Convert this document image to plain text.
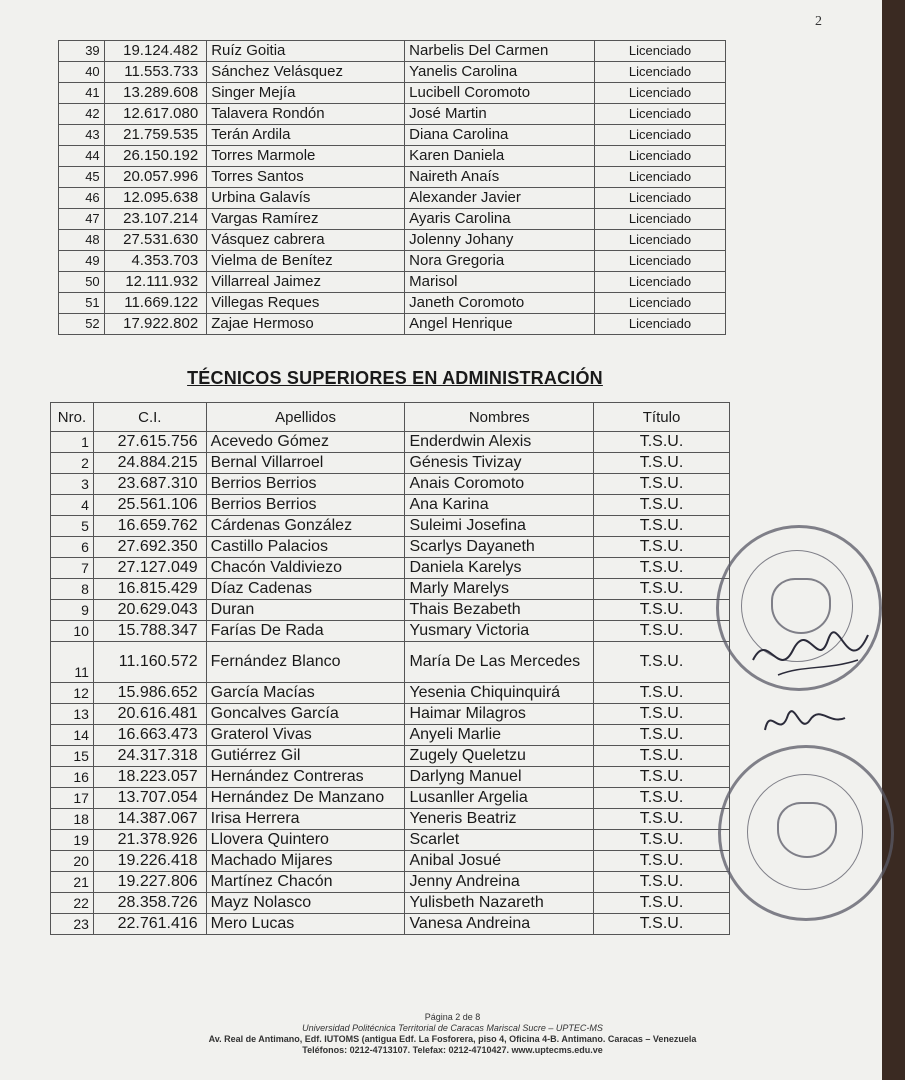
2
39	19.124.482	Ruíz Goitia	Narbelis Del Carmen	Licenciado
40	11.553.733	Sánchez Velásquez	Yanelis Carolina	Licenciado
41	13.289.608	Singer Mejía	Lucibell Coromoto	Licenciado
42	12.617.080	Talavera Rondón	José Martin	Licenciado
43	21.759.535	Terán Ardila	Diana Carolina	Licenciado
44	26.150.192	Torres Marmole	Karen Daniela	Licenciado
45	20.057.996	Torres Santos	Naireth Anaís	Licenciado
46	12.095.638	Urbina Galavís	Alexander Javier	Licenciado
47	23.107.214	Vargas Ramírez	Ayaris Carolina	Licenciado
48	27.531.630	Vásquez cabrera	Jolenny Johany	Licenciado
49	4.353.703	Vielma de Benítez	Nora Gregoria	Licenciado
50	12.111.932	Villarreal Jaimez	Marisol	Licenciado
51	11.669.122	Villegas Reques	Janeth Coromoto	Licenciado
52	17.922.802	Zajae Hermoso	Angel Henrique	Licenciado
TÉCNICOS SUPERIORES EN ADMINISTRACIÓN
Nro.	C.I.	Apellidos	Nombres	Título
1	27.615.756	Acevedo Gómez	Enderdwin Alexis	T.S.U.
2	24.884.215	Bernal Villarroel	Génesis Tivizay	T.S.U.
3	23.687.310	Berrios Berrios	Anais Coromoto	T.S.U.
4	25.561.106	Berrios Berrios	Ana Karina	T.S.U.
5	16.659.762	Cárdenas González	Suleimi Josefina	T.S.U.
6	27.692.350	Castillo Palacios	Scarlys Dayaneth	T.S.U.
7	27.127.049	Chacón Valdiviezo	Daniela Karelys	T.S.U.
8	16.815.429	Díaz Cadenas	Marly Marelys	T.S.U.
9	20.629.043	Duran	Thais Bezabeth	T.S.U.
10	15.788.347	Farías De Rada	Yusmary Victoria	T.S.U.
11	11.160.572	Fernández Blanco	María De Las Mercedes	T.S.U.
12	15.986.652	García Macías	Yesenia Chiquinquirá	T.S.U.
13	20.616.481	Goncalves García	Haimar Milagros	T.S.U.
14	16.663.473	Graterol Vivas	Anyeli Marlie	T.S.U.
15	24.317.318	Gutiérrez Gil	Zugely Queletzu	T.S.U.
16	18.223.057	Hernández Contreras	Darlyng Manuel	T.S.U.
17	13.707.054	Hernández De Manzano	Lusanller Argelia	T.S.U.
18	14.387.067	Irisa Herrera	Yeneris Beatriz	T.S.U.
19	21.378.926	Llovera Quintero	Scarlet	T.S.U.
20	19.226.418	Machado Mijares	Anibal Josué	T.S.U.
21	19.227.806	Martínez Chacón	Jenny Andreina	T.S.U.
22	28.358.726	Mayz Nolasco	Yulisbeth Nazareth	T.S.U.
23	22.761.416	Mero Lucas	Vanesa Andreina	T.S.U.
Página 2 de 8
Universidad Politécnica Territorial de Caracas Mariscal Sucre – UPTEC-MS
Av. Real de Antimano, Edf. IUTOMS (antigua Edf. La Fosforera, piso 4, Oficina 4-B. Antimano. Caracas – Venezuela
Teléfonos: 0212-4713107. Telefax: 0212-4710427. www.uptecms.edu.ve
